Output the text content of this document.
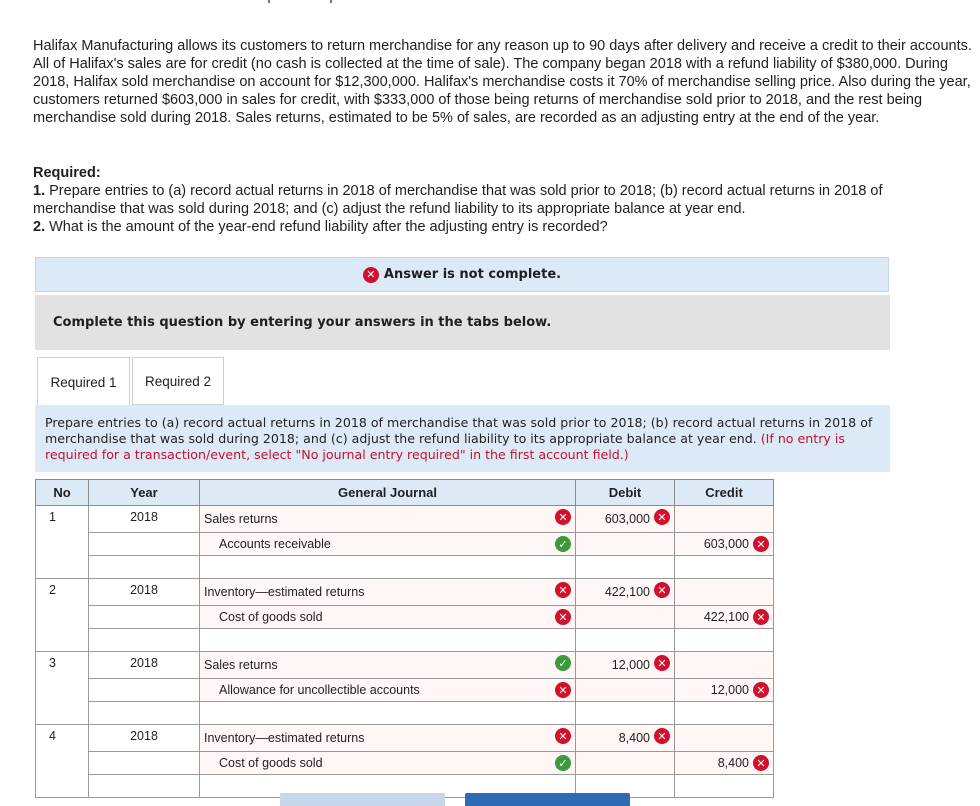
Halifax Manufacturing allows its customers to return merchandise for any reason up to 90 days after delivery and receive a credit to their accounts. All of Halifax's sales are for credit (no cash is collected at the time of sale). The company began 2018 with a refund liability of $380,000. During 2018, Halifax sold merchandise on account for $12,300,000. Halifax's merchandise costs it 70% of merchandise selling price. Also during the year, customers returned $603,000 in sales for credit, with $333,000 of those being returns of merchandise sold prior to 2018, and the rest being merchandise sold during 2018. Sales returns, estimated to be 5% of sales, are recorded as an adjusting entry at the end of the year.
Required:
1. Prepare entries to (a) record actual returns in 2018 of merchandise that was sold prior to 2018; (b) record actual returns in 2018 of merchandise that was sold during 2018; and (c) adjust the refund liability to its appropriate balance at year end.
2. What is the amount of the year-end refund liability after the adjusting entry is recorded?
✕ Answer is not complete.
Complete this question by entering your answers in the tabs below.
Required 1 Required 2
Prepare entries to (a) record actual returns in 2018 of merchandise that was sold prior to 2018; (b) record actual returns in 2018 of merchandise that was sold during 2018; and (c) adjust the refund liability to its appropriate balance at year end. (If no entry is required for a transaction/event, select "No journal entry required" in the first account field.)
No	Year	General Journal	Debit	Credit
1	2018	Sales returns ✕	603,000 ✕	

		Accounts receivable ✓		603,000 ✕

2	2018	Inventory—estimated returns ✕	422,100 ✕	

		Cost of goods sold ✕		422,100 ✕

3	2018	Sales returns ✓	12,000 ✕	

		Allowance for uncollectible accounts ✕		12,000 ✕

4	2018	Inventory—estimated returns ✕	8,400 ✕	

		Cost of goods sold ✓		8,400 ✕
